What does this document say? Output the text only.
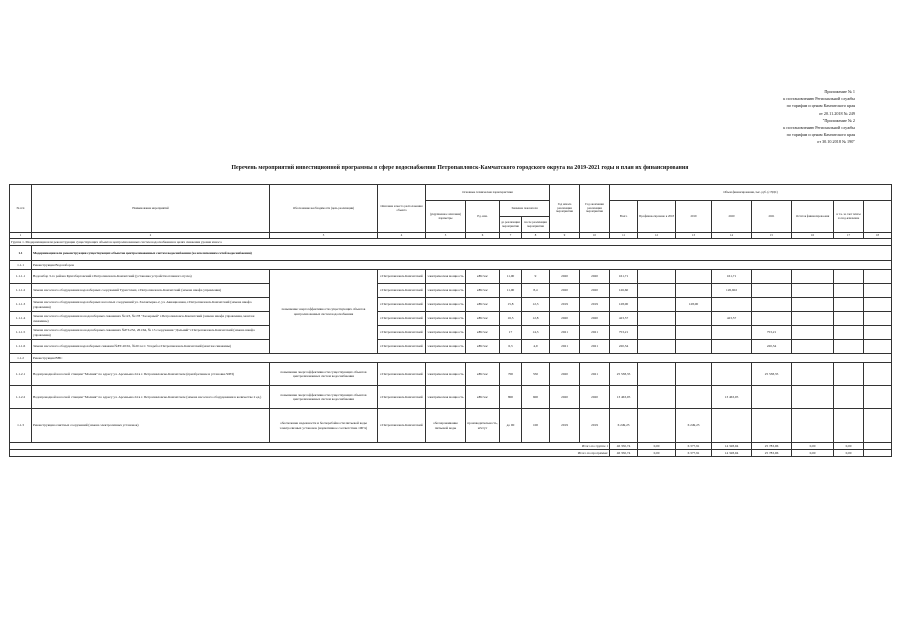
Приложение № 1
к постановлению Региональной службы
по тарифам и ценам Камчатского края
от 20.11.2018 № 249
"Приложение № 2
к постановлению Региональной службы
по тарифам и ценам Камчатского края
от 30.10.2018 № 190"
Перечень мероприятий инвестиционной программы в сфере водоснабжения Петропавловск-Камчатского городского округа на 2019-2021 годы и план их финансирования
№ п/п	Наименование мероприятий	Обоснование необходимости (цель реализации)	Описание и место расположения объекта	Основные технические характеристики				Год начала реализации мероприятия	Год окончания реализации мероприятия	Объем финансирования, тыс. руб. (с НДС)							
				(укрупненное описание) параметры	Ед. изм.	Значение показателя				Всего	Профинан-сировано к 2018	2019	2020	2021	Остаток финансирова-ния	в т.ч. за счет платы за под-ключение	
						до реализации мероприятия	после реализации мероприятия										
1	2	3	4	5	6	7	8	9	10	11	12	13	14	15	16	17	18
Группа 1. Модернизация или реконструкция существующих объектов централизованных систем водоснабжения в целях снижения уровня износа																	
1.1	Модернизация или реконструкция существующих объектов централизованных систем водоснабжения (за исключением сетей водоснабжения)																
1.1.1	Реконструкция Водозаборов																
1.1.1.1	Водозабор 3-го района Кунгаберговский г.Петропавловск-Камчатский (установка устройства плавного пуска)	повышение энергоэффективности существующих объектов централизованных систем водоснабжения	г.Петропавловск-Камчатский	электрическая мощность	кВт/час	11,00	9	2020	2020	161,71			161,71				
1.1.1.2	Замена насосного оборудования водозаборных сооружений Туристских, г.Петропавловск-Камчатский (замена шкафа управления)		г.Петропавловск-Камчатский	электрическая мощность	кВт/час	11,00	8,4	2020	2020	126,60			126,602				
1.1.1.3	Замена насосного оборудования водозаборных насосных сооружений ул. Халактырка-2, ул. Авиационная, г.Петропавловск-Камчатский (замена шкафа управления)		г.Петропавловск-Камчатский	электрическая мощность	кВт/час	15,8	12,3	2019	2019	128,00		128,00					
1.1.1.4	Замена насосного оборудования на водозаборных скважинах №123, №178 "Заозерный" г.Петропавловск-Камчатский (замена шкафа управления, монтаж скважины)		г.Петропавловск-Камчатский	электрическая мощность	кВт/час	16,5	12,8	2020	2020	423,57			423,57				
1.1.1.5	Замена насосного оборудования на водозаборных скважинах №ET-232, 261/64, № 13 сооружения "Дальний" г.Петропавловск-Камчатский (замена шкафа управления)		г.Петропавловск-Камчатский	электрическая мощность	кВт/час	17	14,3	2021	2021	753,21				753,21			
1.1.1.6	Замена насосного оборудования водозаборных скважин №ET-20/61, №20 п.г.т. Усадьба г.Петропавловск-Камчатский (монтаж скважины)		г.Петропавловск-Камчатский	электрическая мощность	кВт/час	6,3	4,9	2021	2021	220,34				220,34			
1.1.2	Реконструкция ВНС																
1.1.2.1	Водопроводной насосной станции "Молния" по адресу ул. Арсеньева 24 в г. Петропавловске-Камчатском (приобретение и установка ЧРП)	повышение энергоэффективности существующих объектов централизованных систем водоснабжения	г.Петропавловск-Камчатский	электрическая мощность	кВт/час	700	550	2020	2021	25 538,35				25 538,35			
1.1.2.2	Водопроводной насосной станции "Молния" по адресу ул. Арсеньева 24 в г. Петропавловске-Камчатском (замена насосного оборудования в количестве 2 ед.)	повышение энергоэффективности существующих объектов централизованных систем водоснабжения	г.Петропавловск-Камчатский	электрическая мощность	кВт/час	800	600	2020	2020	13 463,05			13 463,05				
1.1.3	Реконструкция очистных сооружений (замена электролизных установок)	обеспечение надежности и бесперебойности питьевой воды электролизных установок (нормативное соответствие 100%)	г.Петропавловск-Камчатский	обеззараживание питьевой воды	производительность, м3/сут	до 90	100	2019	2019	6 249,23		6 249,23					
Итого по группе 1										46 350,74	0,00	6 377,91	14 328,94	25 783,96	0,00	0,00	
Итого по программе:										46 350,74	0,00	6 377,91	14 328,94	25 783,96	0,00	0,00	
